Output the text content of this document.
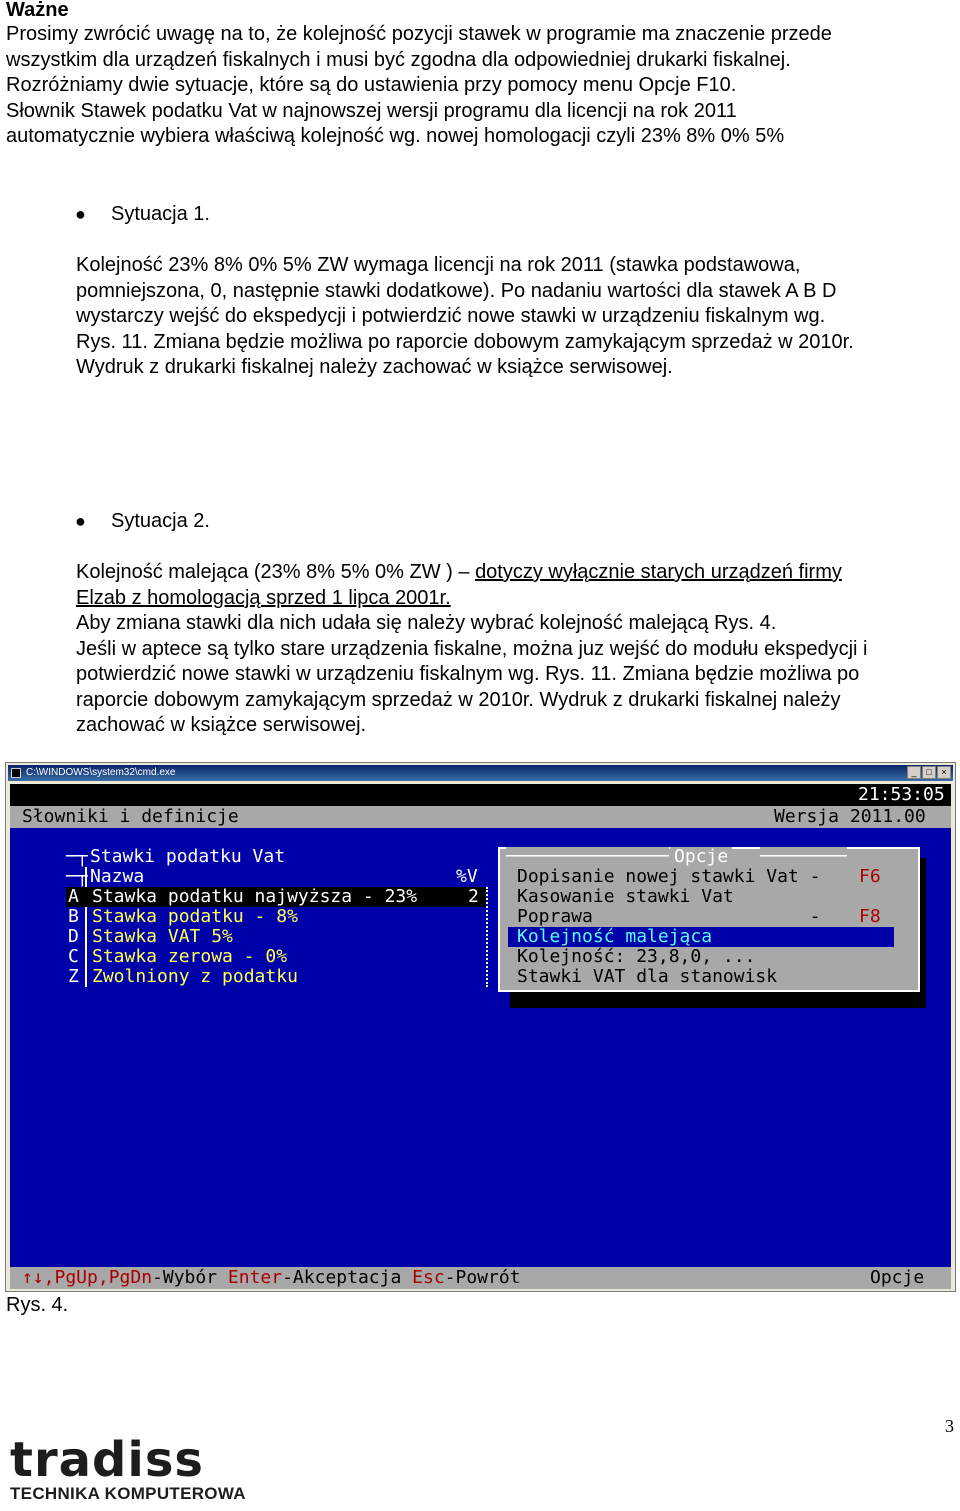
Ważne
Prosimy zwrócić uwagę na to, że kolejność pozycji stawek w programie ma znaczenie przede
wszystkim dla urządzeń fiskalnych i musi być zgodna dla odpowiedniej drukarki fiskalnej.
Rozróżniamy dwie sytuacje, które są do ustawienia przy pomocy menu Opcje F10.
Słownik Stawek podatku Vat w najnowszej wersji programu dla licencji na rok 2011
automatycznie wybiera właściwą kolejność wg. nowej homologacji czyli 23% 8% 0% 5%
● Sytuacja 1.
Kolejność 23% 8% 0% 5% ZW wymaga licencji na rok 2011 (stawka podstawowa,
pomniejszona, 0, następnie stawki dodatkowe). Po nadaniu wartości dla stawek A B D
wystarczy wejść do ekspedycji i potwierdzić nowe stawki w urządzeniu fiskalnym wg.
Rys. 11. Zmiana będzie możliwa po raporcie dobowym zamykającym sprzedaż w 2010r.
Wydruk z drukarki fiskalnej należy zachować w książce serwisowej.
● Sytuacja 2.
Kolejność malejąca (23% 8% 5% 0% ZW ) – dotyczy wyłącznie starych urządzeń firmy
Elzab z homologacją sprzed 1 lipca 2001r.
Aby zmiana stawki dla nich udała się należy wybrać kolejność malejącą Rys. 4.
Jeśli w aptece są tylko stare urządzenia fiskalne, można juz wejść do modułu ekspedycji i
potwierdzić nowe stawki w urządzeniu fiskalnym wg. Rys. 11. Zmiana będzie możliwa po
raporcie dobowym zamykającym sprzedaż w 2010r. Wydruk z drukarki fiskalnej należy
zachować w książce serwisowej.
C:\WINDOWS\system32\cmd.exe	_ □ ×
21:53:05
Słowniki i definicje	Wersja 2011.00
─┬ Stawki podatku Vat
─┬ Nazwa	%V
A Stawka podatku najwyższa - 23%	2
B Stawka podatku - 8%
D Stawka VAT 5%
C Stawka zerowa - 0%
Z Zwolniony z podatku
─────────────── Opcje ────────
Dopisanie nowej stawki Vat - F6
Kasowanie stawki Vat
Poprawa                    - F8
Kolejność malejąca
Kolejność: 23,8,0, ...
Stawki VAT dla stanowisk
↑↓,PgUp,PgDn-Wybór Enter-Akceptacja Esc-Powrót	Opcje
Rys. 4.
3
tradiss
TECHNIKA KOMPUTEROWA
